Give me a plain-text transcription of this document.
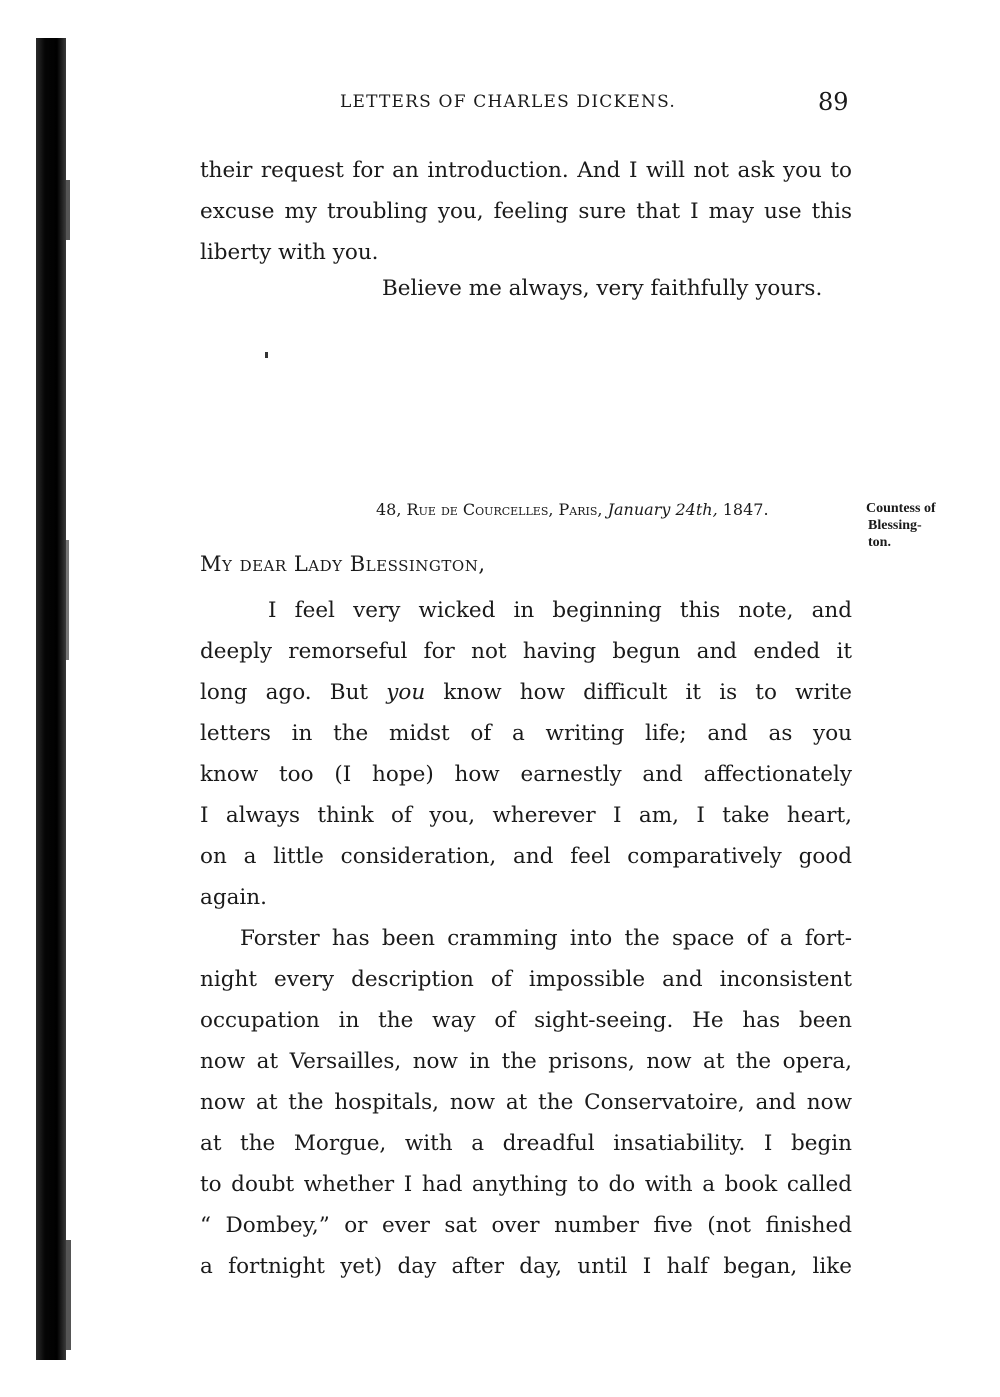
LETTERS OF CHARLES DICKENS.	89
their request for an introduction. And I will not ask you to
excuse my troubling you, feeling sure that I may use this
liberty with you.
Believe me always, very faithfully yours.
48, Rue de Courcelles, Paris, January 24th, 1847.	Countess of
Blessing-
ton.
My dear Lady Blessington,
I feel very wicked in beginning this note, and
deeply remorseful for not having begun and ended it
long ago. But you know how difficult it is to write
letters in the midst of a writing life; and as you
know too (I hope) how earnestly and affectionately
I always think of you, wherever I am, I take heart,
on a little consideration, and feel comparatively good
again.
Forster has been cramming into the space of a fort-
night every description of impossible and inconsistent
occupation in the way of sight-seeing. He has been
now at Versailles, now in the prisons, now at the opera,
now at the hospitals, now at the Conservatoire, and now
at the Morgue, with a dreadful insatiability. I begin
to doubt whether I had anything to do with a book called
“ Dombey,” or ever sat over number five (not finished
a fortnight yet) day after day, until I half began, like
